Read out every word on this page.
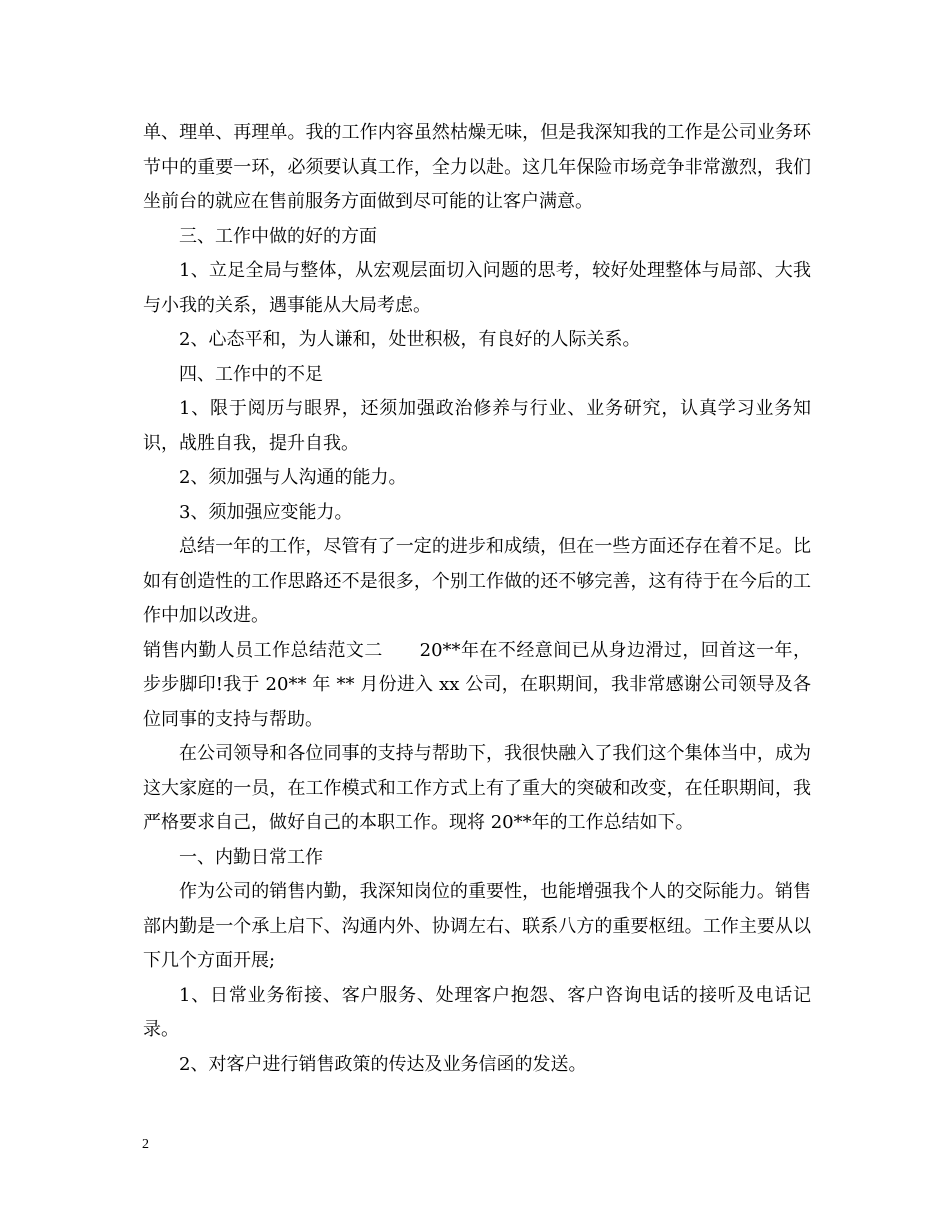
单、理单、再理单。我的工作内容虽然枯燥无味，但是我深知我的工作是公司业务环节中的重要一环，必须要认真工作，全力以赴。这几年保险市场竞争非常激烈，我们坐前台的就应在售前服务方面做到尽可能的让客户满意。

三、工作中做的好的方面

1、立足全局与整体，从宏观层面切入问题的思考，较好处理整体与局部、大我与小我的关系，遇事能从大局考虑。

2、心态平和，为人谦和，处世积极，有良好的人际关系。

四、工作中的不足

1、限于阅历与眼界，还须加强政治修养与行业、业务研究，认真学习业务知识，战胜自我，提升自我。

2、须加强与人沟通的能力。

3、须加强应变能力。

总结一年的工作，尽管有了一定的进步和成绩，但在一些方面还存在着不足。比如有创造性的工作思路还不是很多，个别工作做的还不够完善，这有待于在今后的工作中加以改进。

销售内勤人员工作总结范文二　　20**年在不经意间已从身边滑过，回首这一年，步步脚印!我于 20** 年 ** 月份进入 xx 公司，在职期间，我非常感谢公司领导及各位同事的支持与帮助。

在公司领导和各位同事的支持与帮助下，我很快融入了我们这个集体当中，成为 这大家庭的一员，在工作模式和工作方式上有了重大的突破和改变，在任职期间，我严格要求自己，做好自己的本职工作。现将 20**年的工作总结如下。

一、内勤日常工作

作为公司的销售内勤，我深知岗位的重要性，也能增强我个人的交际能力。销售部内勤是一个承上启下、沟通内外、协调左右、联系八方的重要枢纽。工作主要从以下几个方面开展;

1、日常业务衔接、客户服务、处理客户抱怨、客户咨询电话的接听及电话记录。

2、对客户进行销售政策的传达及业务信函的发送。

2
